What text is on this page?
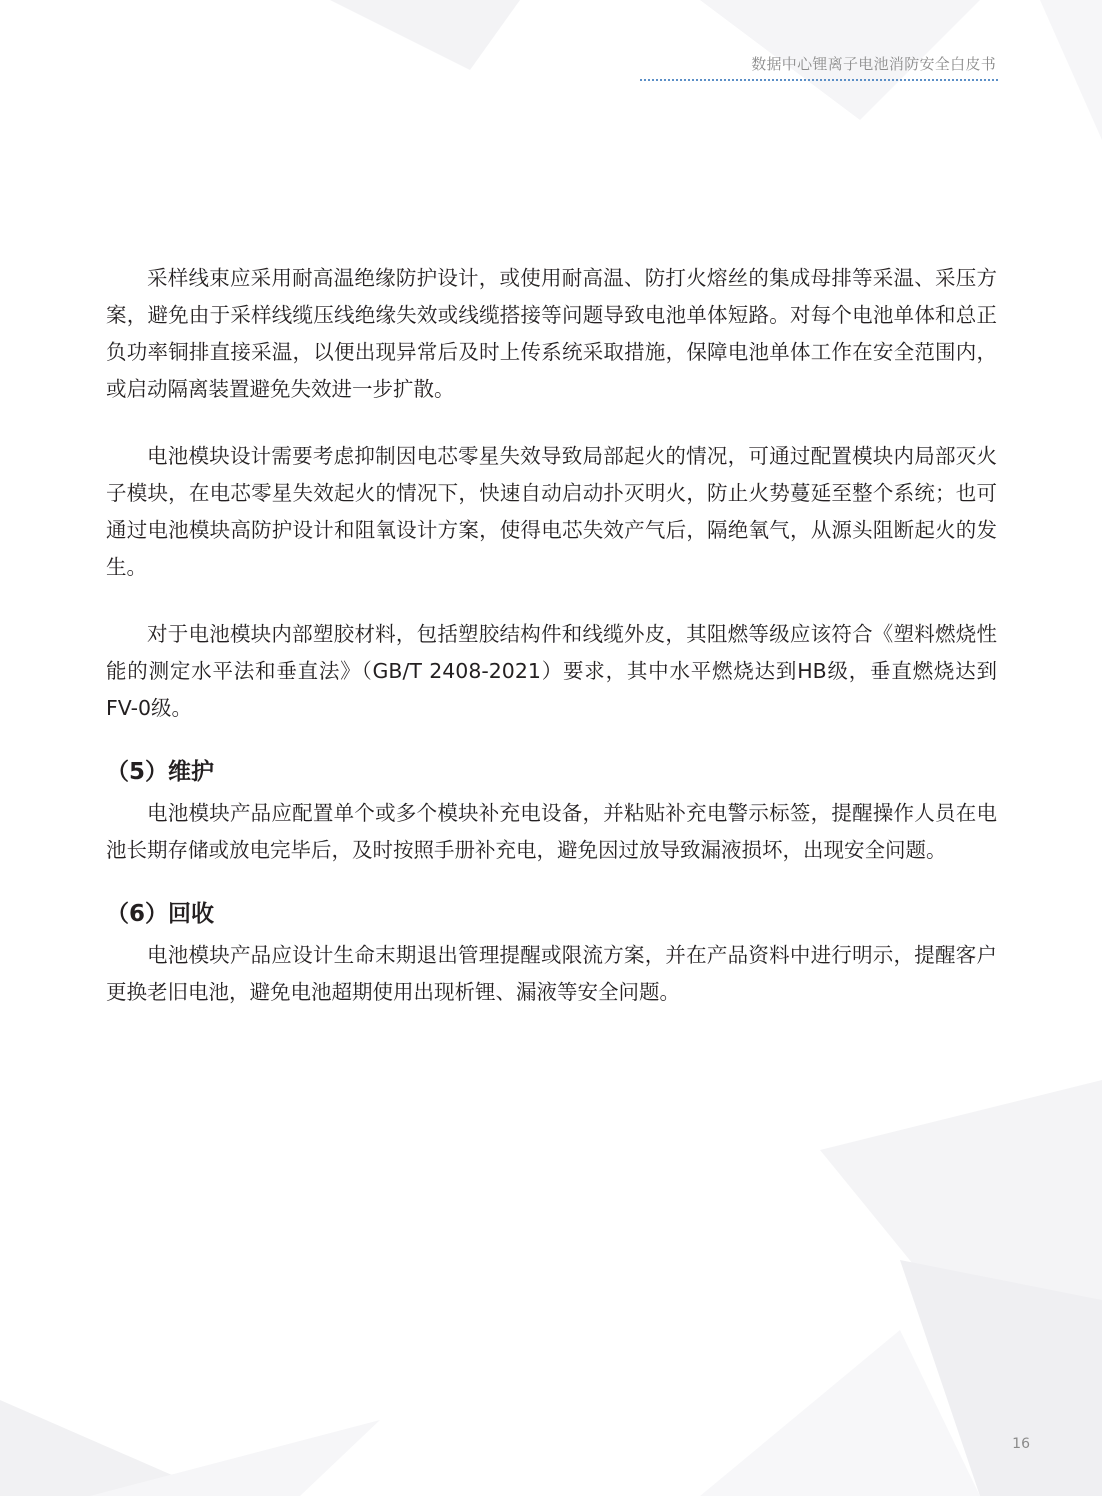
数据中心锂离子电池消防安全白皮书

采样线束应采用耐高温绝缘防护设计，或使用耐高温、防打火熔丝的集成母排等采温、采压方案，避免由于采样线缆压线绝缘失效或线缆搭接等问题导致电池单体短路。对每个电池单体和总正负功率铜排直接采温，以便出现异常后及时上传系统采取措施，保障电池单体工作在安全范围内，或启动隔离装置避免失效进一步扩散。

电池模块设计需要考虑抑制因电芯零星失效导致局部起火的情况，可通过配置模块内局部灭火子模块，在电芯零星失效起火的情况下，快速自动启动扑灭明火，防止火势蔓延至整个系统；也可通过电池模块高防护设计和阻氧设计方案，使得电芯失效产气后，隔绝氧气，从源头阻断起火的发生。

对于电池模块内部塑胶材料，包括塑胶结构件和线缆外皮，其阻燃等级应该符合《塑料燃烧性能的测定水平法和垂直法》（GB/T 2408-2021）要求，其中水平燃烧达到HB级，垂直燃烧达到FV-0级。

（5）维护

电池模块产品应配置单个或多个模块补充电设备，并粘贴补充电警示标签，提醒操作人员在电池长期存储或放电完毕后，及时按照手册补充电，避免因过放导致漏液损坏，出现安全问题。

（6）回收

电池模块产品应设计生命末期退出管理提醒或限流方案，并在产品资料中进行明示，提醒客户更换老旧电池，避免电池超期使用出现析锂、漏液等安全问题。

16
